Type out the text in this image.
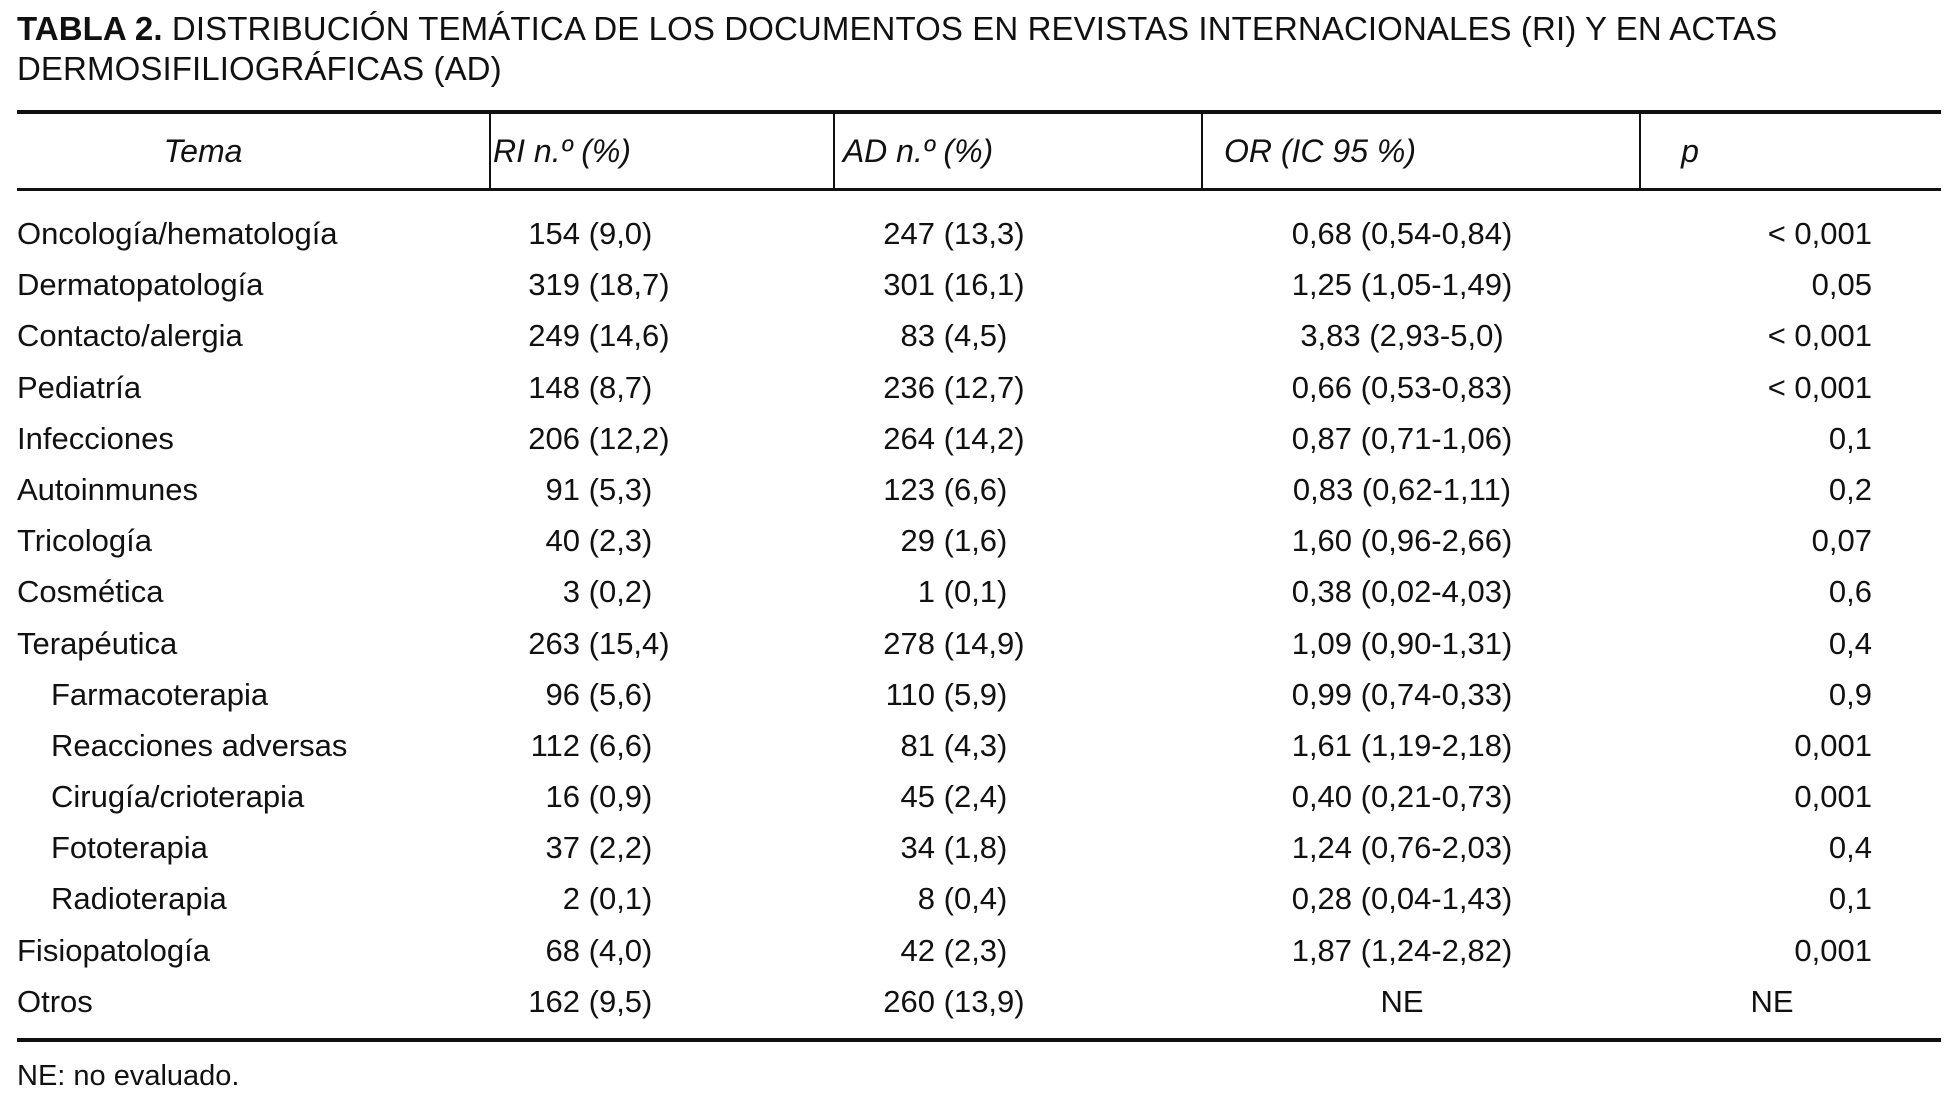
TABLA 2. DISTRIBUCIÓN TEMÁTICA DE LOS DOCUMENTOS EN REVISTAS INTERNACIONALES (RI) Y EN ACTAS DERMOSIFILIOGRÁFICAS (AD)
Tema	RI n.º (%)	AD n.º (%)	OR (IC 95 %)	p
Oncología/hematología	154 (9,0)	247 (13,3)	0,68 (0,54-0,84)	< 0,001
Dermatopatología	319 (18,7)	301 (16,1)	1,25 (1,05-1,49)	0,05
Contacto/alergia	249 (14,6)	83 (4,5)	3,83 (2,93-5,0)	< 0,001
Pediatría	148 (8,7)	236 (12,7)	0,66 (0,53-0,83)	< 0,001
Infecciones	206 (12,2)	264 (14,2)	0,87 (0,71-1,06)	0,1
Autoinmunes	91 (5,3)	123 (6,6)	0,83 (0,62-1,11)	0,2
Tricología	40 (2,3)	29 (1,6)	1,60 (0,96-2,66)	0,07
Cosmética	3 (0,2)	1 (0,1)	0,38 (0,02-4,03)	0,6
Terapéutica	263 (15,4)	278 (14,9)	1,09 (0,90-1,31)	0,4
Farmacoterapia	96 (5,6)	110 (5,9)	0,99 (0,74-0,33)	0,9
Reacciones adversas	112 (6,6)	81 (4,3)	1,61 (1,19-2,18)	0,001
Cirugía/crioterapia	16 (0,9)	45 (2,4)	0,40 (0,21-0,73)	0,001
Fototerapia	37 (2,2)	34 (1,8)	1,24 (0,76-2,03)	0,4
Radioterapia	2 (0,1)	8 (0,4)	0,28 (0,04-1,43)	0,1
Fisiopatología	68 (4,0)	42 (2,3)	1,87 (1,24-2,82)	0,001
Otros	162 (9,5)	260 (13,9)	NE	NE
NE: no evaluado.
